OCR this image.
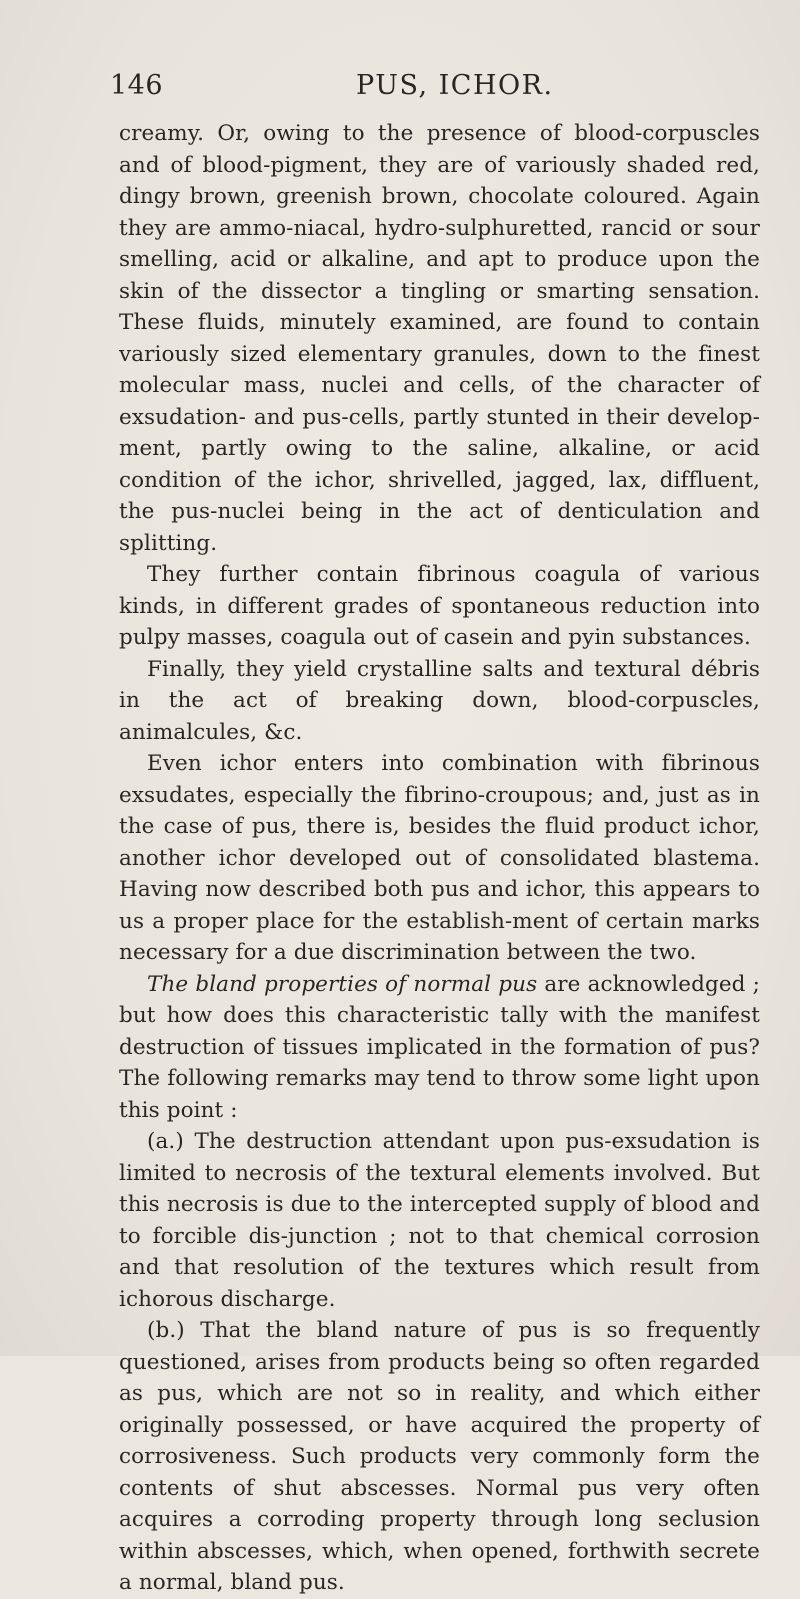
146	PUS, ICHOR.

creamy. Or, owing to the presence of blood-corpuscles and of blood-pigment, they are of variously shaded red, dingy brown, greenish brown, chocolate coloured. Again they are ammo-niacal, hydro-sulphuretted, rancid or sour smelling, acid or alkaline, and apt to produce upon the skin of the dissector a tingling or smarting sensation. These fluids, minutely examined, are found to contain variously sized elementary granules, down to the finest molecular mass, nuclei and cells, of the character of exsudation- and pus-cells, partly stunted in their develop-ment, partly owing to the saline, alkaline, or acid condition of the ichor, shrivelled, jagged, lax, diffluent, the pus-nuclei being in the act of denticulation and splitting.

They further contain fibrinous coagula of various kinds, in different grades of spontaneous reduction into pulpy masses, coagula out of casein and pyin substances.

Finally, they yield crystalline salts and textural débris in the act of breaking down, blood-corpuscles, animalcules, &c.

Even ichor enters into combination with fibrinous exsudates, especially the fibrino-croupous; and, just as in the case of pus, there is, besides the fluid product ichor, another ichor developed out of consolidated blastema. Having now described both pus and ichor, this appears to us a proper place for the establish-ment of certain marks necessary for a due discrimination between the two.

The bland properties of normal pus are acknowledged ; but how does this characteristic tally with the manifest destruction of tissues implicated in the formation of pus? The following remarks may tend to throw some light upon this point :

(a.) The destruction attendant upon pus-exsudation is limited to necrosis of the textural elements involved. But this necrosis is due to the intercepted supply of blood and to forcible dis-junction ; not to that chemical corrosion and that resolution of the textures which result from ichorous discharge.

(b.) That the bland nature of pus is so frequently questioned, arises from products being so often regarded as pus, which are not so in reality, and which either originally possessed, or have acquired the property of corrosiveness. Such products very commonly form the contents of shut abscesses. Normal pus very often acquires a corroding property through long seclusion within abscesses, which, when opened, forthwith secrete a normal, bland pus.
